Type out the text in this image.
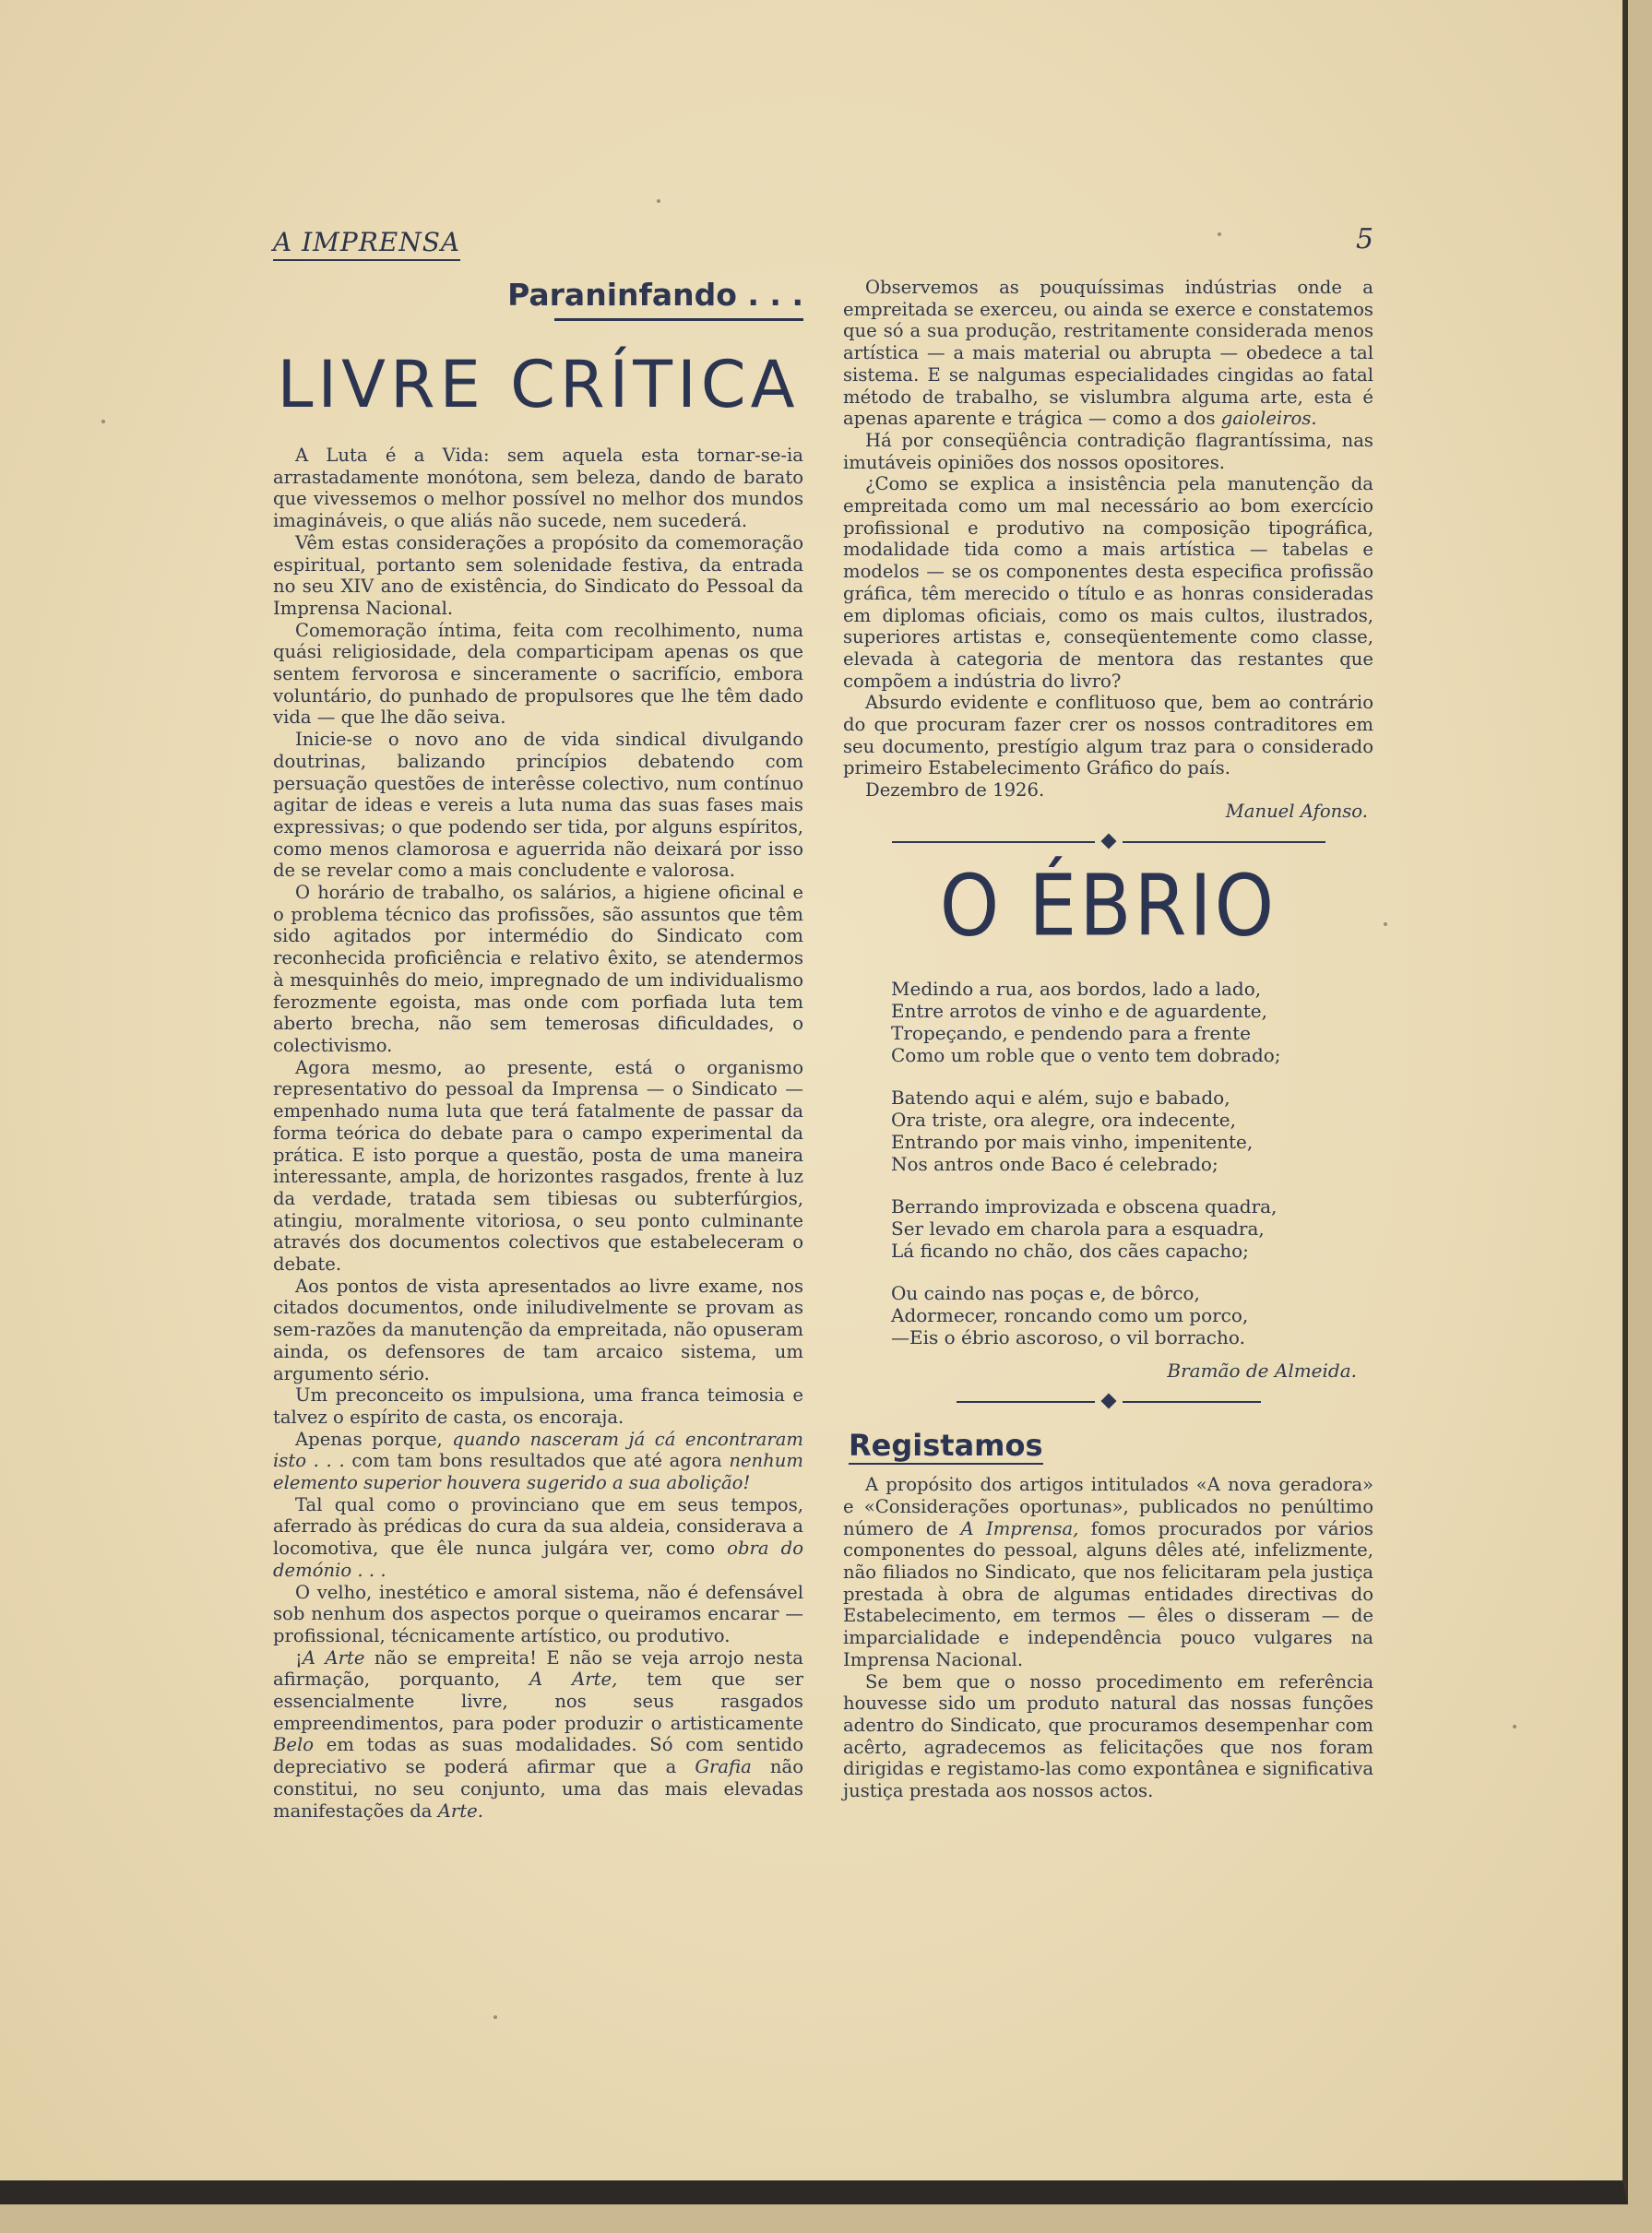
A IMPRENSA	5
Paraninfando . . .
LIVRE CRÍTICA

A Luta é a Vida: sem aquela esta tornar-se-ia arrastadamente monótona, sem beleza, dando de barato que vivessemos o melhor possível no melhor dos mundos imagináveis, o que aliás não sucede, nem sucederá.

Vêm estas considerações a propósito da comemoração espiritual, portanto sem solenidade festiva, da entrada no seu XIV ano de existência, do Sindicato do Pessoal da Imprensa Nacional.

Comemoração íntima, feita com recolhimento, numa quási religiosidade, dela comparticipam apenas os que sentem fervorosa e sinceramente o sacrifício, embora voluntário, do punhado de propulsores que lhe têm dado vida — que lhe dão seiva.

Inicie-se o novo ano de vida sindical divulgando doutrinas, balizando princípios debatendo com persuação questões de interêsse colectivo, num contínuo agitar de ideas e vereis a luta numa das suas fases mais expressivas; o que podendo ser tida, por alguns espíritos, como menos clamorosa e aguerrida não deixará por isso de se revelar como a mais concludente e valorosa.

O horário de trabalho, os salários, a higiene oficinal e o problema técnico das profissões, são assuntos que têm sido agitados por intermédio do Sindicato com reconhecida proficiência e relativo êxito, se atendermos à mesquinhês do meio, impregnado de um individualismo ferozmente egoista, mas onde com porfiada luta tem aberto brecha, não sem temerosas dificuldades, o colectivismo.

Agora mesmo, ao presente, está o organismo representativo do pessoal da Imprensa — o Sindicato — empenhado numa luta que terá fatalmente de passar da forma teórica do debate para o campo experimental da prática. E isto porque a questão, posta de uma maneira interessante, ampla, de horizontes rasgados, frente à luz da verdade, tratada sem tibiesas ou subterfúrgios, atingiu, moralmente vitoriosa, o seu ponto culminante através dos documentos colectivos que estabeleceram o debate.

Aos pontos de vista apresentados ao livre exame, nos citados documentos, onde iniludivelmente se provam as sem-razões da manutenção da empreitada, não opuseram ainda, os defensores de tam arcaico sistema, um argumento sério.

Um preconceito os impulsiona, uma franca teimosia e talvez o espírito de casta, os encoraja.

Apenas porque, quando nasceram já cá encontraram isto . . . com tam bons resultados que até agora nenhum elemento superior houvera sugerido a sua abolição!

Tal qual como o provinciano que em seus tempos, aferrado às prédicas do cura da sua aldeia, considerava a locomotiva, que êle nunca julgára ver, como obra do demónio . . .

O velho, inestético e amoral sistema, não é defensável sob nenhum dos aspectos porque o queiramos encarar — profissional, técnicamente artístico, ou produtivo.

¡A Arte não se empreita! E não se veja arrojo nesta afirmação, porquanto, A Arte, tem que ser essencialmente livre, nos seus rasgados empreendimentos, para poder produzir o artisticamente Belo em todas as suas modalidades. Só com sentido depreciativo se poderá afirmar que a Grafia não constitui, no seu conjunto, uma das mais elevadas manifestações da Arte.

Observemos as pouquíssimas indústrias onde a empreitada se exerceu, ou ainda se exerce e constatemos que só a sua produção, restritamente considerada menos artística — a mais material ou abrupta — obedece a tal sistema. E se nalgumas especialidades cingidas ao fatal método de trabalho, se vislumbra alguma arte, esta é apenas aparente e trágica — como a dos gaioleiros.

Há por conseqüência contradição flagrantíssima, nas imutáveis opiniões dos nossos opositores.

¿Como se explica a insistência pela manutenção da empreitada como um mal necessário ao bom exercício profissional e produtivo na composição tipográfica, modalidade tida como a mais artística — tabelas e modelos — se os componentes desta especifica profissão gráfica, têm merecido o título e as honras consideradas em diplomas oficiais, como os mais cultos, ilustrados, superiores artistas e, conseqüentemente como classe, elevada à categoria de mentora das restantes que compõem a indústria do livro?

Absurdo evidente e conflituoso que, bem ao contrário do que procuram fazer crer os nossos contraditores em seu documento, prestígio algum traz para o considerado primeiro Estabelecimento Gráfico do país.

Dezembro de 1926.
Manuel Afonso.
O ÉBRIO
Medindo a rua, aos bordos, lado a lado,
Entre arrotos de vinho e de aguardente,
Tropeçando, e pendendo para a frente
Como um roble que o vento tem dobrado;
Batendo aqui e além, sujo e babado,
Ora triste, ora alegre, ora indecente,
Entrando por mais vinho, impenitente,
Nos antros onde Baco é celebrado;
Berrando improvizada e obscena quadra,
Ser levado em charola para a esquadra,
Lá ficando no chão, dos cães capacho;
Ou caindo nas poças e, de bôrco,
Adormecer, roncando como um porco,
—Eis o ébrio ascoroso, o vil borracho.
Bramão de Almeida.
Registamos

A propósito dos artigos intitulados «A nova geradora» e «Considerações oportunas», publicados no penúltimo número de A Imprensa, fomos procurados por vários componentes do pessoal, alguns dêles até, infelizmente, não filiados no Sindicato, que nos felicitaram pela justiça prestada à obra de algumas entidades directivas do Estabelecimento, em termos — êles o disseram — de imparcialidade e independência pouco vulgares na Imprensa Nacional.

Se bem que o nosso procedimento em referência houvesse sido um produto natural das nossas funções adentro do Sindicato, que procuramos desempenhar com acêrto, agradecemos as felicitações que nos foram dirigidas e registamo-las como expontânea e significativa justiça prestada aos nossos actos.
